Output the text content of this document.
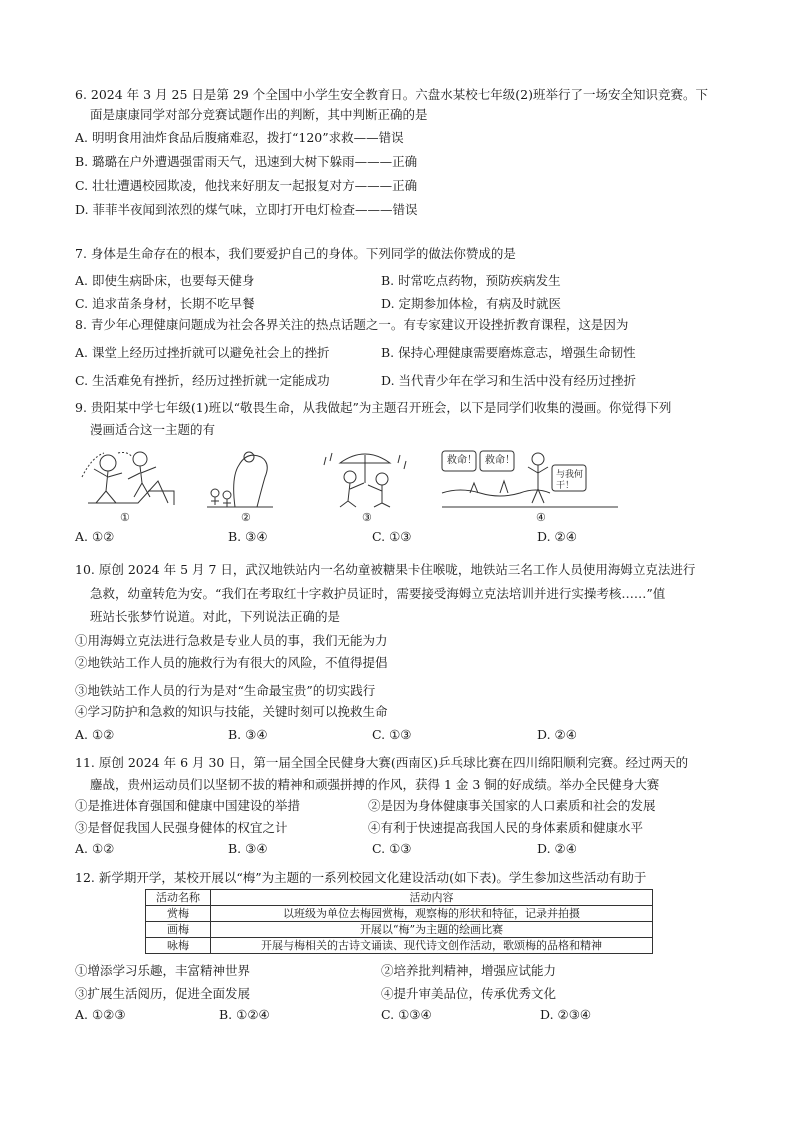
6. 2024 年 3 月 25 日是第 29 个全国中小学生安全教育日。六盘水某校七年级(2)班举行了一场安全知识竞赛。下
面是康康同学对部分竞赛试题作出的判断，其中判断正确的是
A. 明明食用油炸食品后腹痛难忍，拨打“120”求救——错误
B. 璐璐在户外遭遇强雷雨天气，迅速到大树下躲雨———正确
C. 壮壮遭遇校园欺凌，他找来好朋友一起报复对方———正确
D. 菲菲半夜闻到浓烈的煤气味，立即打开电灯检查———错误
7. 身体是生命存在的根本，我们要爱护自己的身体。下列同学的做法你赞成的是
A. 即使生病卧床，也要每天健身	B. 时常吃点药物，预防疾病发生
C. 追求苗条身材，长期不吃早餐	D. 定期参加体检，有病及时就医
8. 青少年心理健康问题成为社会各界关注的热点话题之一。有专家建议开设挫折教育课程，这是因为
A. 课堂上经历过挫折就可以避免社会上的挫折	B. 保持心理健康需要磨炼意志，增强生命韧性
C. 生活难免有挫折，经历过挫折就一定能成功	D. 当代青少年在学习和生活中没有经历过挫折
9. 贵阳某中学七年级(1)班以“敬畏生命，从我做起”为主题召开班会，以下是同学们收集的漫画。你觉得下列
漫画适合这一主题的有
①	②	③
救命！ 救命！
与我何干！
④
A. ①②	B. ③④	C. ①③	D. ②④
10. 原创 2024 年 5 月 7 日，武汉地铁站内一名幼童被糖果卡住喉咙，地铁站三名工作人员使用海姆立克法进行
急救，幼童转危为安。“我们在考取红十字救护员证时，需要接受海姆立克法培训并进行实操考核……”值
班站长张梦竹说道。对此，下列说法正确的是
①用海姆立克法进行急救是专业人员的事，我们无能为力
②地铁站工作人员的施救行为有很大的风险，不值得提倡
③地铁站工作人员的行为是对“生命最宝贵”的切实践行
④学习防护和急救的知识与技能，关键时刻可以挽救生命
A. ①②	B. ③④	C. ①③	D. ②④
11. 原创 2024 年 6 月 30 日，第一届全国全民健身大赛(西南区)乒乓球比赛在四川绵阳顺利完赛。经过两天的
鏖战，贵州运动员们以坚韧不拔的精神和顽强拼搏的作风，获得 1 金 3 铜的好成绩。举办全民健身大赛
①是推进体育强国和健康中国建设的举措	②是因为身体健康事关国家的人口素质和社会的发展
③是督促我国人民强身健体的权宜之计	④有利于快速提高我国人民的身体素质和健康水平
A. ①②	B. ③④	C. ①③	D. ②④
12. 新学期开学，某校开展以“梅”为主题的一系列校园文化建设活动(如下表)。学生参加这些活动有助于
活动名称	活动内容
赏梅	以班级为单位去梅园赏梅，观察梅的形状和特征，记录并拍摄
画梅	开展以“梅”为主题的绘画比赛
咏梅	开展与梅相关的古诗文诵读、现代诗文创作活动，歌颂梅的品格和精神
①增添学习乐趣，丰富精神世界	②培养批判精神，增强应试能力
③扩展生活阅历，促进全面发展	④提升审美品位，传承优秀文化
A. ①②③	B. ①②④	C. ①③④	D. ②③④
